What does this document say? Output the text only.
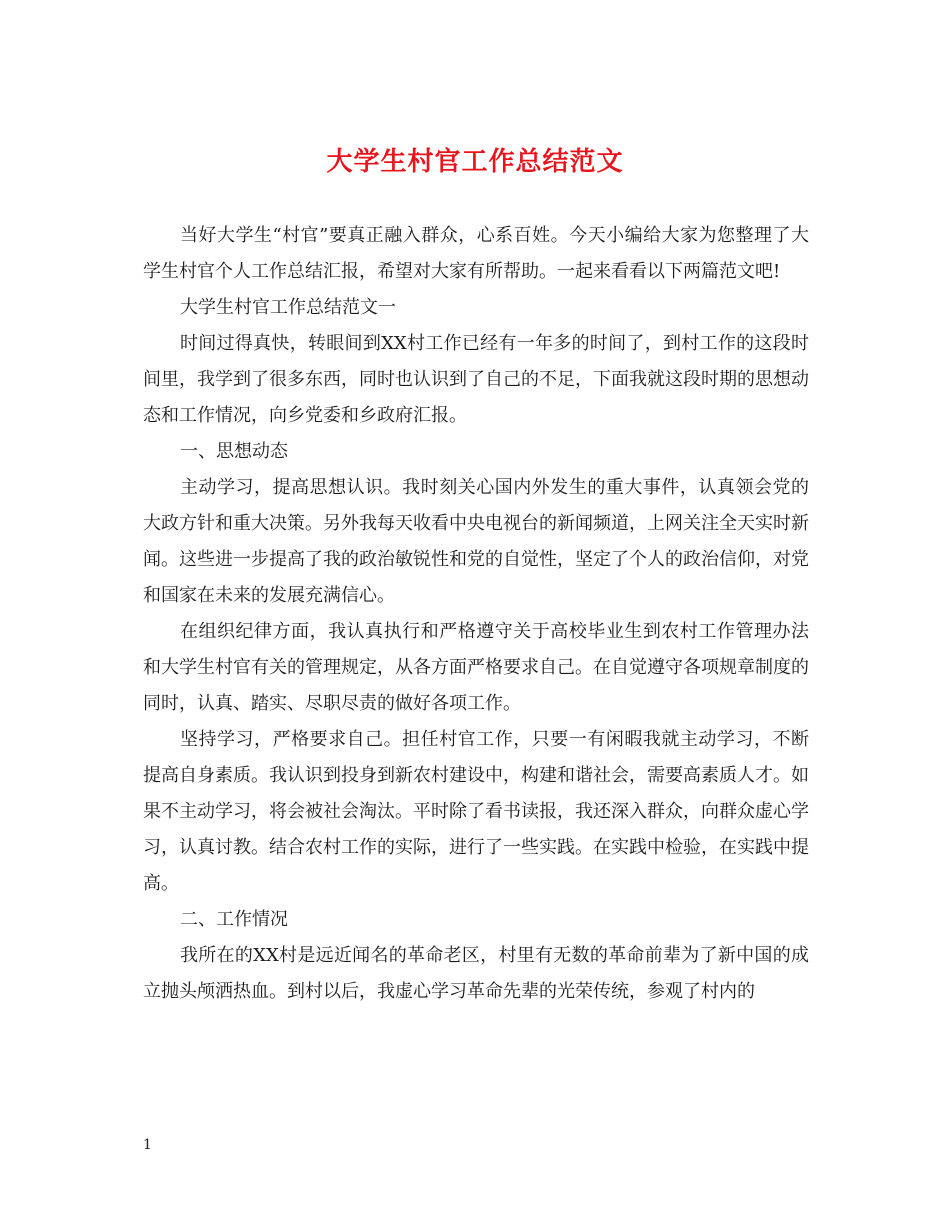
大学生村官工作总结范文

当好大学生“村官”要真正融入群众，心系百姓。今天小编给大家为您整理了大学生村官个人工作总结汇报，希望对大家有所帮助。一起来看看以下两篇范文吧!

大学生村官工作总结范文一

时间过得真快，转眼间到XX村工作已经有一年多的时间了，到村工作的这段时间里，我学到了很多东西，同时也认识到了自己的不足，下面我就这段时期的思想动态和工作情况，向乡党委和乡政府汇报。

一、思想动态

主动学习，提高思想认识。我时刻关心国内外发生的重大事件，认真领会党的大政方针和重大决策。另外我每天收看中央电视台的新闻频道，上网关注全天实时新闻。这些进一步提高了我的政治敏锐性和党的自觉性，坚定了个人的政治信仰，对党和国家在未来的发展充满信心。

在组织纪律方面，我认真执行和严格遵守关于高校毕业生到农村工作管理办法和大学生村官有关的管理规定，从各方面严格要求自己。在自觉遵守各项规章制度的同时，认真、踏实、尽职尽责的做好各项工作。

坚持学习，严格要求自己。担任村官工作，只要一有闲暇我就主动学习，不断提高自身素质。我认识到投身到新农村建设中，构建和谐社会，需要高素质人才。如果不主动学习，将会被社会淘汰。平时除了看书读报，我还深入群众，向群众虚心学习，认真讨教。结合农村工作的实际，进行了一些实践。在实践中检验，在实践中提高。

二、工作情况

我所在的XX村是远近闻名的革命老区，村里有无数的革命前辈为了新中国的成立抛头颅洒热血。到村以后，我虚心学习革命先辈的光荣传统，参观了村内的

1
